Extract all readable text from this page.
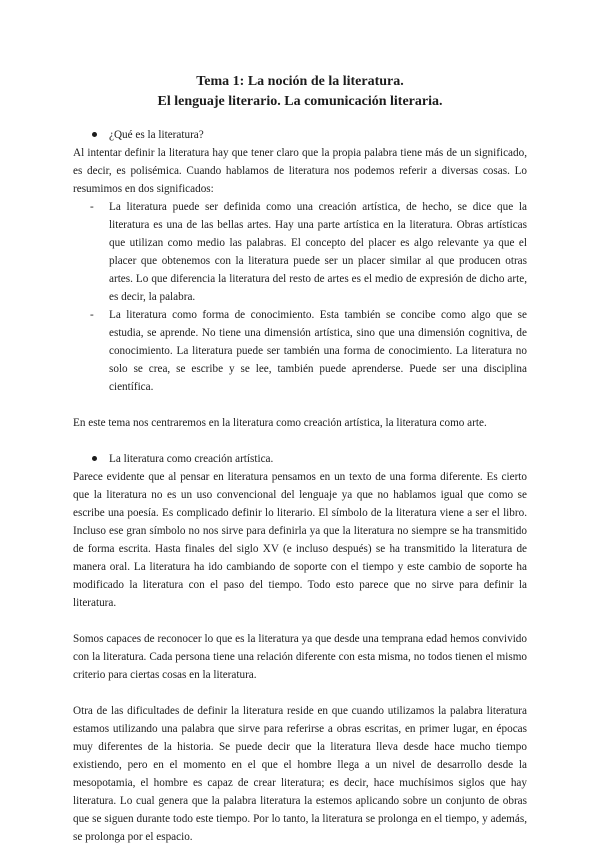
Tema 1: La noción de la literatura.
El lenguaje literario. La comunicación literaria.

¿Qué es la literatura?

Al intentar definir la literatura hay que tener claro que la propia palabra tiene más de un significado, es decir, es polisémica. Cuando hablamos de literatura nos podemos referir a diversas cosas. Lo resumimos en dos significados:

- La literatura puede ser definida como una creación artística, de hecho, se dice que la literatura es una de las bellas artes. Hay una parte artística en la literatura. Obras artísticas que utilizan como medio las palabras. El concepto del placer es algo relevante ya que el placer que obtenemos con la literatura puede ser un placer similar al que producen otras artes. Lo que diferencia la literatura del resto de artes es el medio de expresión de dicho arte, es decir, la palabra.

- La literatura como forma de conocimiento. Esta también se concibe como algo que se estudia, se aprende. No tiene una dimensión artística, sino que una dimensión cognitiva, de conocimiento. La literatura puede ser también una forma de conocimiento. La literatura no solo se crea, se escribe y se lee, también puede aprenderse. Puede ser una disciplina científica.

En este tema nos centraremos en la literatura como creación artística, la literatura como arte.

La literatura como creación artística.

Parece evidente que al pensar en literatura pensamos en un texto de una forma diferente. Es cierto que la literatura no es un uso convencional del lenguaje ya que no hablamos igual que como se escribe una poesía. Es complicado definir lo literario. El símbolo de la literatura viene a ser el libro. Incluso ese gran símbolo no nos sirve para definirla ya que la literatura no siempre se ha transmitido de forma escrita. Hasta finales del siglo XV (e incluso después) se ha transmitido la literatura de manera oral. La literatura ha ido cambiando de soporte con el tiempo y este cambio de soporte ha modificado la literatura con el paso del tiempo. Todo esto parece que no sirve para definir la literatura.

Somos capaces de reconocer lo que es la literatura ya que desde una temprana edad hemos convivido con la literatura. Cada persona tiene una relación diferente con esta misma, no todos tienen el mismo criterio para ciertas cosas en la literatura.

Otra de las dificultades de definir la literatura reside en que cuando utilizamos la palabra literatura estamos utilizando una palabra que sirve para referirse a obras escritas, en primer lugar, en épocas muy diferentes de la historia. Se puede decir que la literatura lleva desde hace mucho tiempo existiendo, pero en el momento en el que el hombre llega a un nivel de desarrollo desde la mesopotamia, el hombre es capaz de crear literatura; es decir, hace muchísimos siglos que hay literatura. Lo cual genera que la palabra literatura la estemos aplicando sobre un conjunto de obras que se siguen durante todo este tiempo. Por lo tanto, la literatura se prolonga en el tiempo, y además, se prolonga por el espacio.
